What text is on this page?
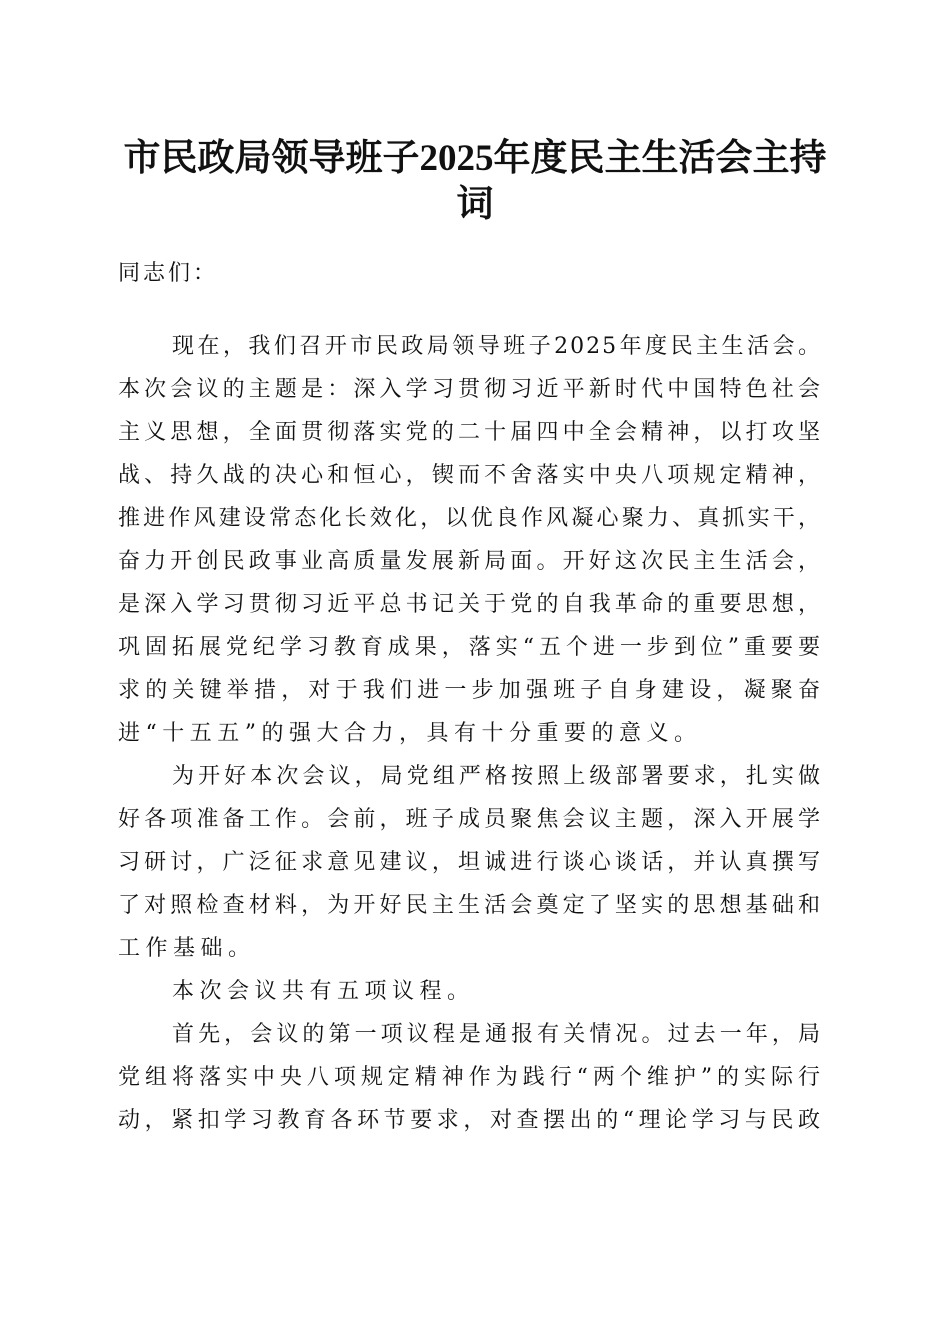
市民政局领导班子2025年度民主生活会主持
词
同志们：
现在，我们召开市民政局领导班子2025年度民主生活会。
本次会议的主题是：深入学习贯彻习近平新时代中国特色社会
主义思想，全面贯彻落实党的二十届四中全会精神，以打攻坚
战、持久战的决心和恒心，锲而不舍落实中央八项规定精神，
推进作风建设常态化长效化，以优良作风凝心聚力、真抓实干，
奋力开创民政事业高质量发展新局面。开好这次民主生活会，
是深入学习贯彻习近平总书记关于党的自我革命的重要思想，
巩固拓展党纪学习教育成果，落实“五个进一步到位”重要要
求的关键举措，对于我们进一步加强班子自身建设，凝聚奋
进“十五五”的强大合力，具有十分重要的意义。
为开好本次会议，局党组严格按照上级部署要求，扎实做
好各项准备工作。会前，班子成员聚焦会议主题，深入开展学
习研讨，广泛征求意见建议，坦诚进行谈心谈话，并认真撰写
了对照检查材料，为开好民主生活会奠定了坚实的思想基础和
工作基础。
本次会议共有五项议程。
首先，会议的第一项议程是通报有关情况。过去一年，局
党组将落实中央八项规定精神作为践行“两个维护”的实际行
动，紧扣学习教育各环节要求，对查摆出的“理论学习与民政
